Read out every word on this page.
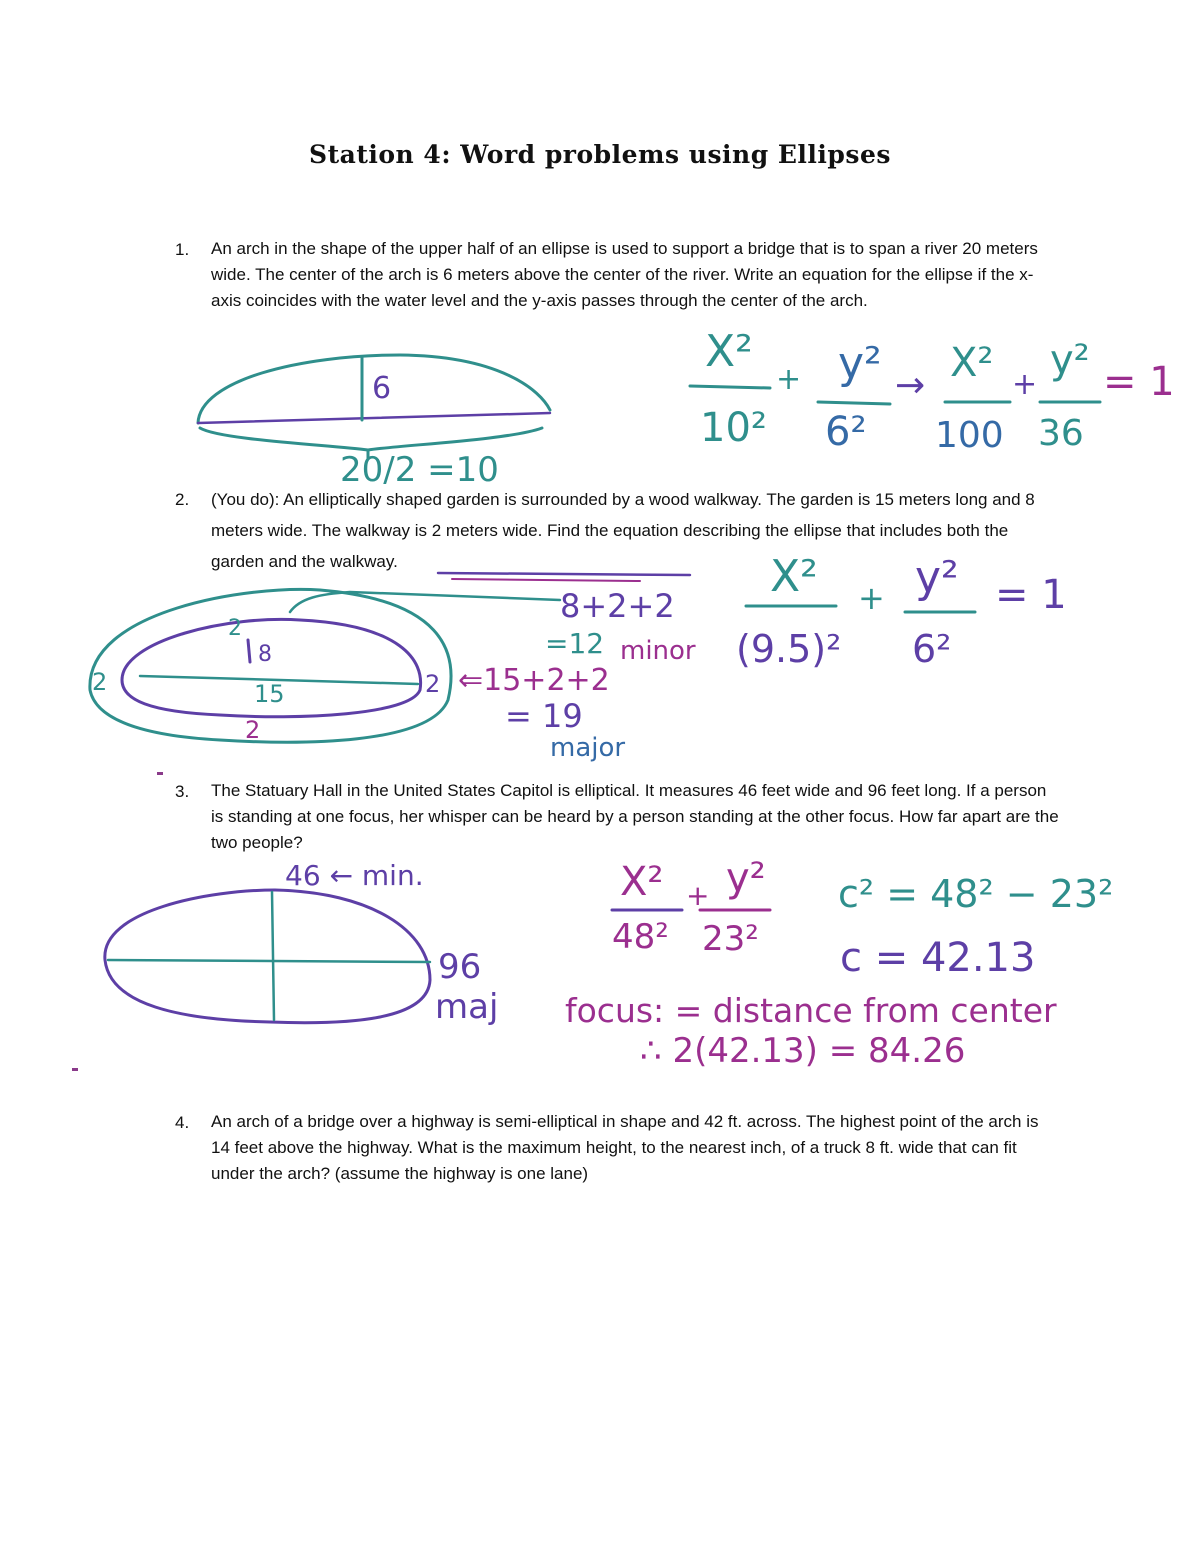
Station 4: Word problems using Ellipses
1. An arch in the shape of the upper half of an ellipse is used to support a bridge that is to span a river 20 meters wide. The center of the arch is 6 meters above the center of the river. Write an equation for the ellipse if the x-axis coincides with the water level and the y-axis passes through the center of the arch.

2. (You do): An elliptically shaped garden is surrounded by a wood walkway. The garden is 15 meters long and 8 meters wide. The walkway is 2 meters wide. Find the equation describing the ellipse that includes both the garden and the walkway.

3. The Statuary Hall in the United States Capitol is elliptical. It measures 46 feet wide and 96 feet long. If a person is standing at one focus, her whisper can be heard by a person standing at the other focus. How far apart are the two people?

4. An arch of a bridge over a highway is semi-elliptical in shape and 42 ft. across. The highest point of the arch is 14 feet above the highway. What is the maximum height, to the nearest inch, of a truck 8 ft. wide that can fit under the arch? (assume the highway is one lane)

6
20/2 =10
X²
+ y²
10² 6²
→ X² +
y² = 1
100 36
2
2	2
2
8
15
8+2+2
=12 minor
⇐15+2+2
= 19
major
X² + y² = 1
(9.5)² 6²
46 ← min.
96
maj
X² + y²
48² 23²
c² = 48² − 23²
c = 42.13
focus: = distance from center
∴ 2(42.13) = 84.26
